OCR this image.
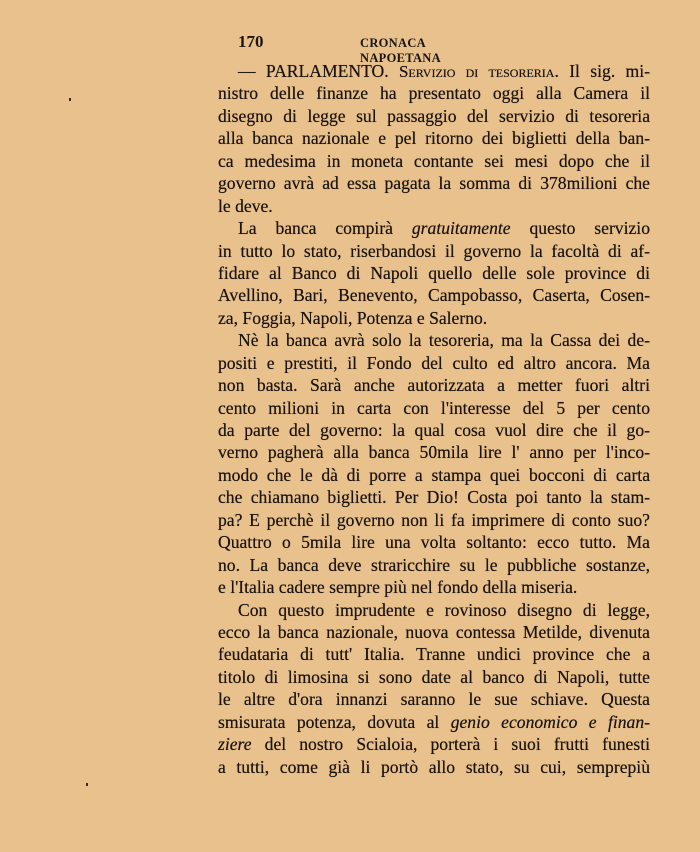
170	CRONACA NAPOETANA
— PARLAMENTO. Servizio di tesoreria. Il sig. mi-
nistro delle finanze ha presentato oggi alla Camera il
disegno di legge sul passaggio del servizio di tesoreria
alla banca nazionale e pel ritorno dei biglietti della ban-
ca medesima in moneta contante sei mesi dopo che il
governo avrà ad essa pagata la somma di 378milioni che
le deve.
La banca compirà gratuitamente questo servizio
in tutto lo stato, riserbandosi il governo la facoltà di af-
fidare al Banco di Napoli quello delle sole province di
Avellino, Bari, Benevento, Campobasso, Caserta, Cosen-
za, Foggia, Napoli, Potenza e Salerno.
Nè la banca avrà solo la tesoreria, ma la Cassa dei de-
positi e prestiti, il Fondo del culto ed altro ancora. Ma
non basta. Sarà anche autorizzata a metter fuori altri
cento milioni in carta con l'interesse del 5 per cento
da parte del governo: la qual cosa vuol dire che il go-
verno pagherà alla banca 50mila lire l' anno per l'inco-
modo che le dà di porre a stampa quei bocconi di carta
che chiamano biglietti. Per Dio! Costa poi tanto la stam-
pa? E perchè il governo non li fa imprimere di conto suo?
Quattro o 5mila lire una volta soltanto: ecco tutto. Ma
no. La banca deve straricchire su le pubbliche sostanze,
e l'Italia cadere sempre più nel fondo della miseria.
Con questo imprudente e rovinoso disegno di legge,
ecco la banca nazionale, nuova contessa Metilde, divenuta
feudataria di tutt' Italia. Tranne undici province che a
titolo di limosina si sono date al banco di Napoli, tutte
le altre d'ora innanzi saranno le sue schiave. Questa
smisurata potenza, dovuta al genio economico e finan-
ziere del nostro Scialoia, porterà i suoi frutti funesti
a tutti, come già li portò allo stato, su cui, semprepiù
